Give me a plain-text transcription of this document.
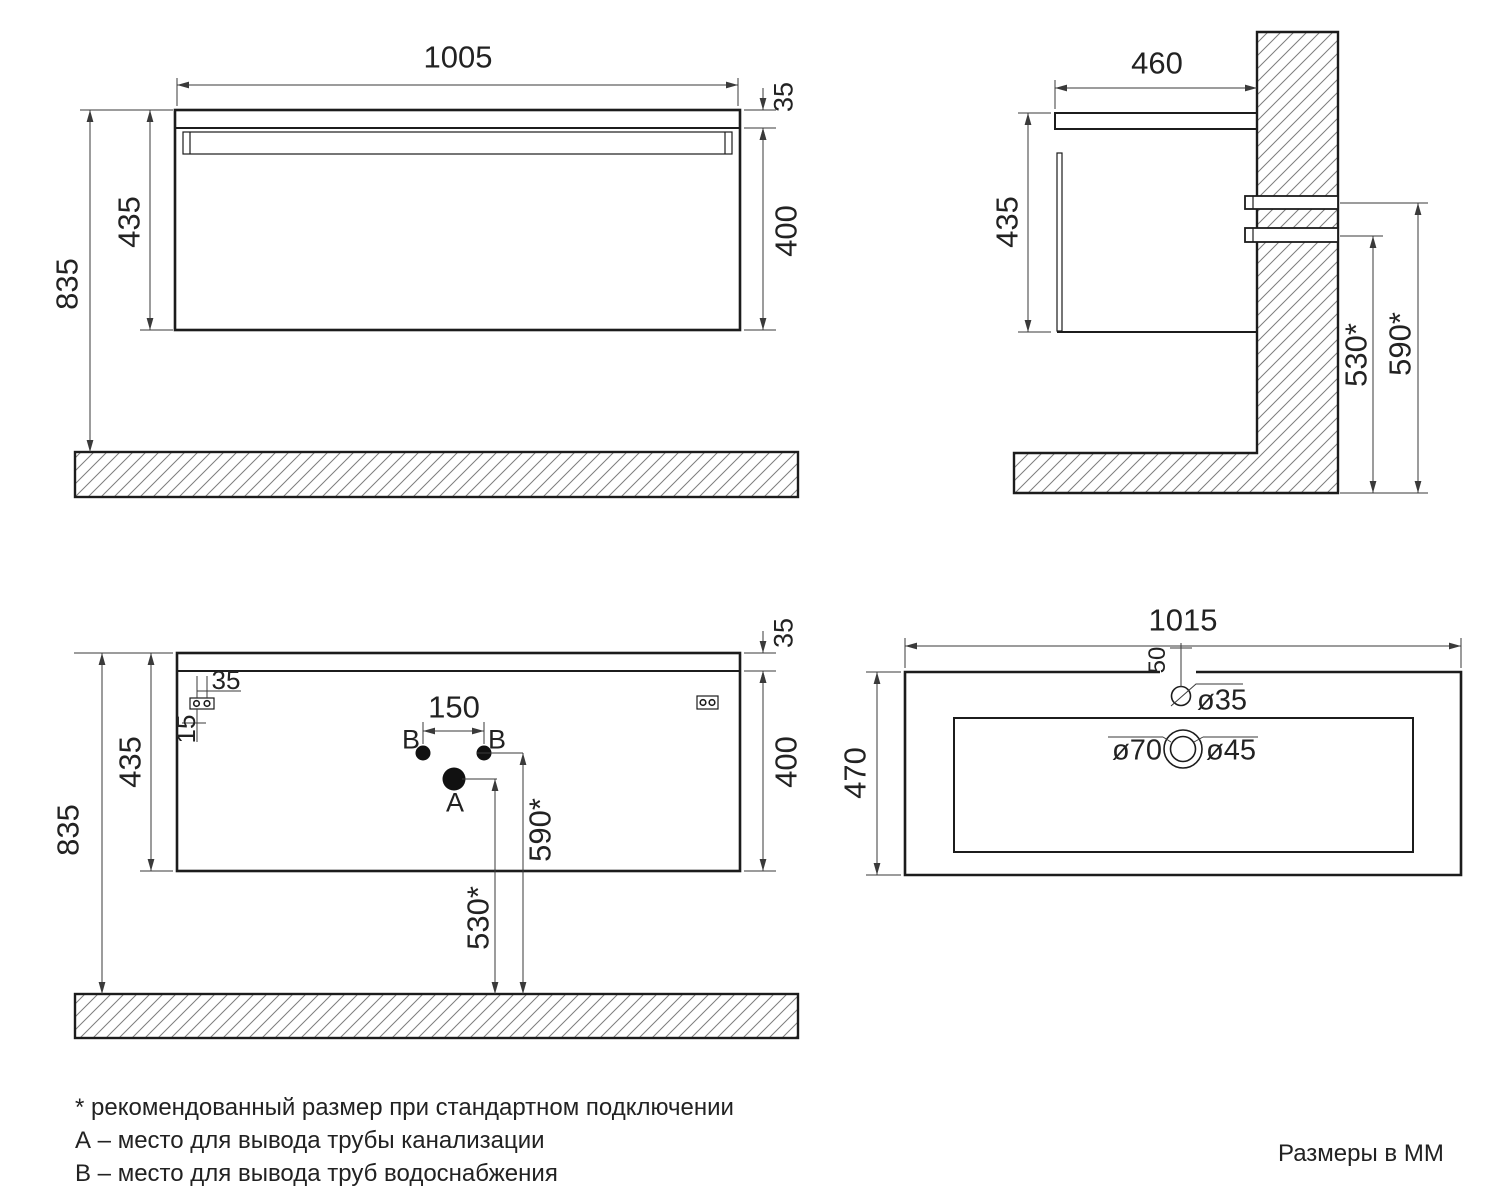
1005
35
400
435
835
460
435
530* 590*
35
15
150
B	B
A 590*
530*
35
400
435
835
1015
470
50
ø35
ø70 ø45
* рекомендованный размер при стандартном подключении
А – место для вывода трубы канализации
В – место для вывода труб водоснабжения
Размеры в ММ
